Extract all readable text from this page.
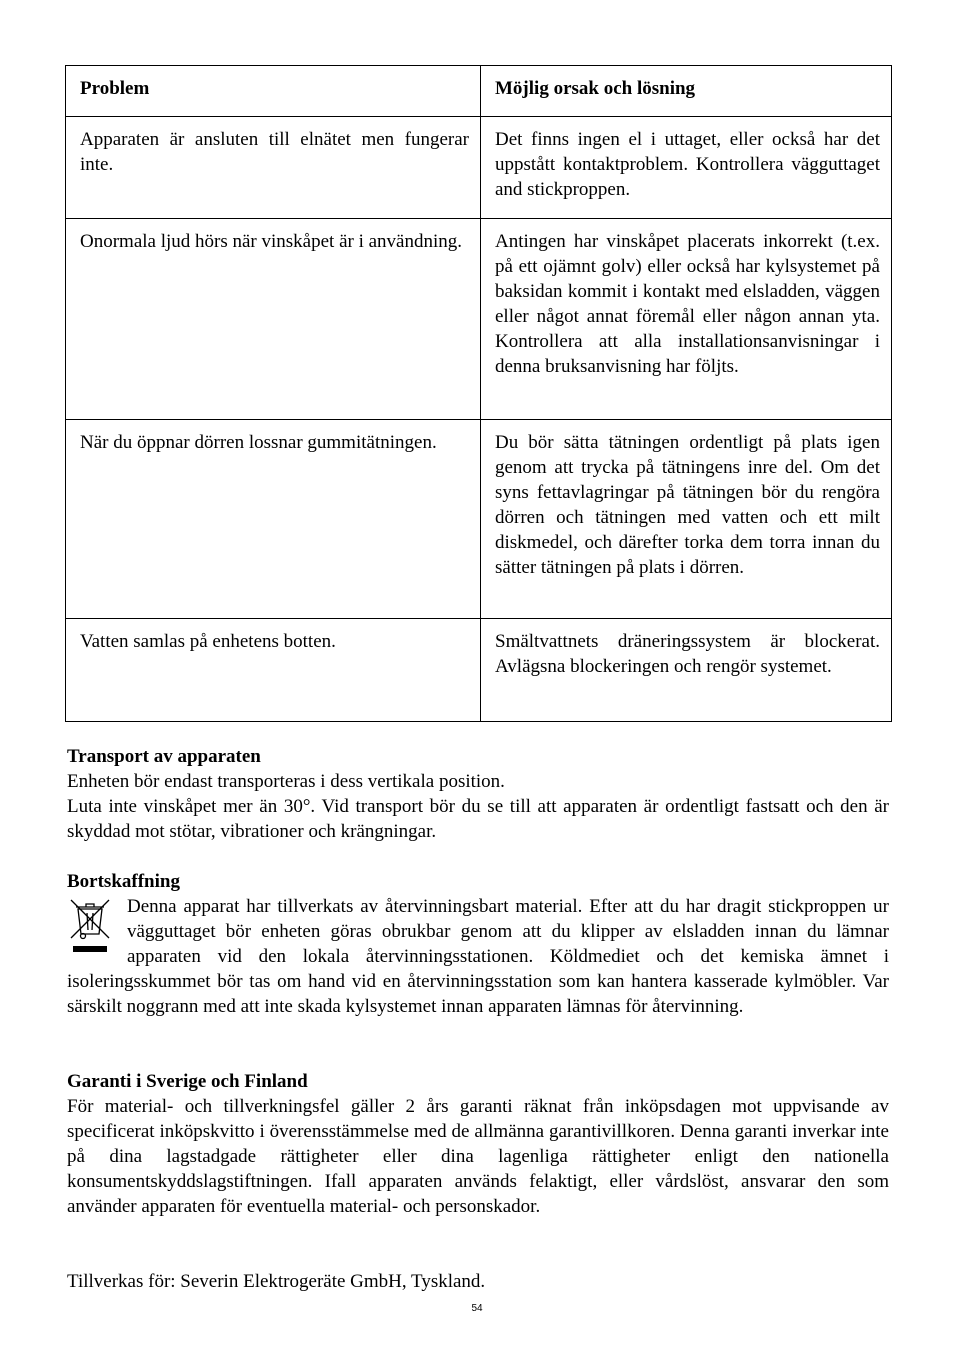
Problem	Möjlig orsak och lösning
Apparaten är ansluten till elnätet men fungerar inte.	Det finns ingen el i uttaget, eller också har det uppstått kontaktproblem. Kontrollera vägguttaget and stickproppen.
Onormala ljud hörs när vinskåpet är i användning.	Antingen har vinskåpet placerats inkorrekt (t.ex. på ett ojämnt golv) eller också har kylsystemet på baksidan kommit i kontakt med elsladden, väggen eller något annat föremål eller någon annan yta. Kontrollera att alla installationsanvisningar i denna bruksanvisning har följts.
När du öppnar dörren lossnar gummitätningen.	Du bör sätta tätningen ordentligt på plats igen genom att trycka på tätningens inre del. Om det syns fettavlagringar på tätningen bör du rengöra dörren och tätningen med vatten och ett milt diskmedel, och därefter torka dem torra innan du sätter tätningen på plats i dörren.
Vatten samlas på enhetens botten.	Smältvattnets dräneringssystem är blockerat. Avlägsna blockeringen och rengör systemet.

Transport av apparaten

Enheten bör endast transporteras i dess vertikala position.

Luta inte vinskåpet mer än 30°. Vid transport bör du se till att apparaten är ordentligt fastsatt och den är skyddad mot stötar, vibrationer och krängningar.

Bortskaffning

Denna apparat har tillverkats av återvinningsbart material. Efter att du har dragit stickproppen ur vägguttaget bör enheten göras obrukbar genom att du klipper av elsladden innan du lämnar apparaten vid den lokala återvinningsstationen. Köldmediet och det kemiska ämnet i isoleringsskummet bör tas om hand vid en återvinningsstation som kan hantera kasserade kylmöbler. Var särskilt noggrann med att inte skada kylsystemet innan apparaten lämnas för återvinning.

Garanti i Sverige och Finland

För material- och tillverkningsfel gäller 2 års garanti räknat från inköpsdagen mot uppvisande av specificerat inköpskvitto i överensstämmelse med de allmänna garantivillkoren. Denna garanti inverkar inte på dina lagstadgade rättigheter eller dina lagenliga rättigheter enligt den nationella konsumentskyddslagstiftningen. Ifall apparaten används felaktigt, eller vårdslöst, ansvarar den som använder apparaten för eventuella material- och personskador.

Tillverkas för: Severin Elektrogeräte GmbH, Tyskland.

54
